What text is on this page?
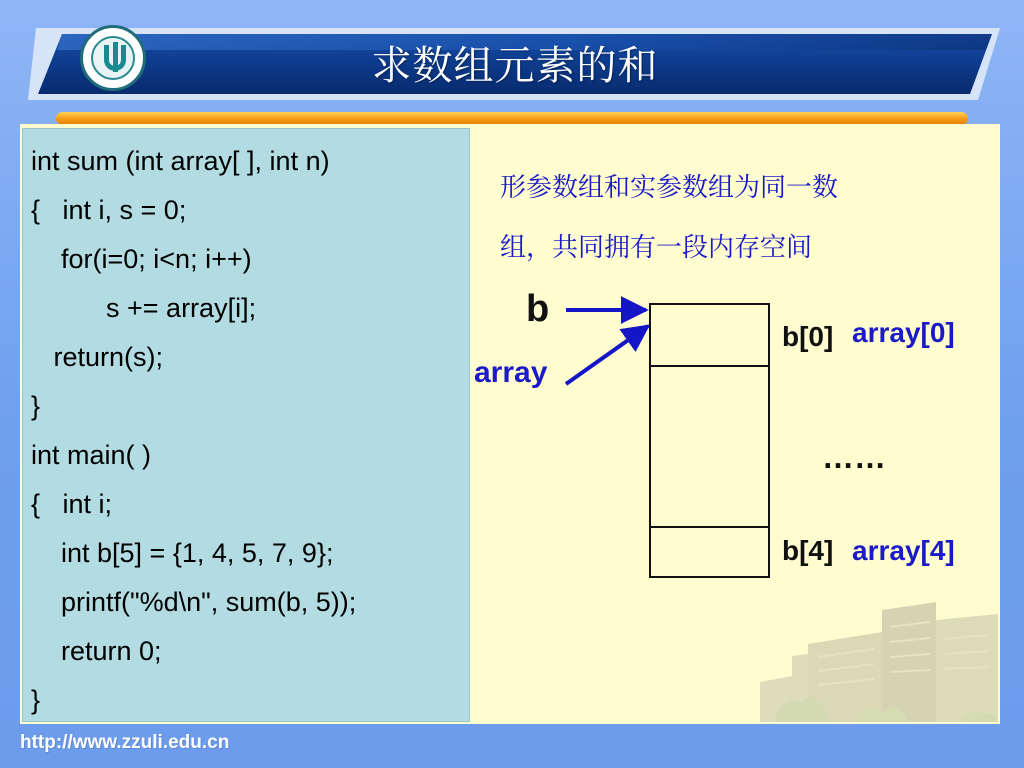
求数组元素的和
int sum (int array[ ], int n)
{   int i, s = 0;
for(i=0; i<n; i++)
s += array[i];
return(s);
}
int main( )
{   int i;
int b[5] = {1, 4, 5, 7, 9};
printf("%d\n", sum(b, 5));
return 0;
}
形参数组和实参数组为同一数
组，共同拥有一段内存空间
b
array
b[0] array[0]
……
b[4] array[4]
http://www.zzuli.edu.cn
